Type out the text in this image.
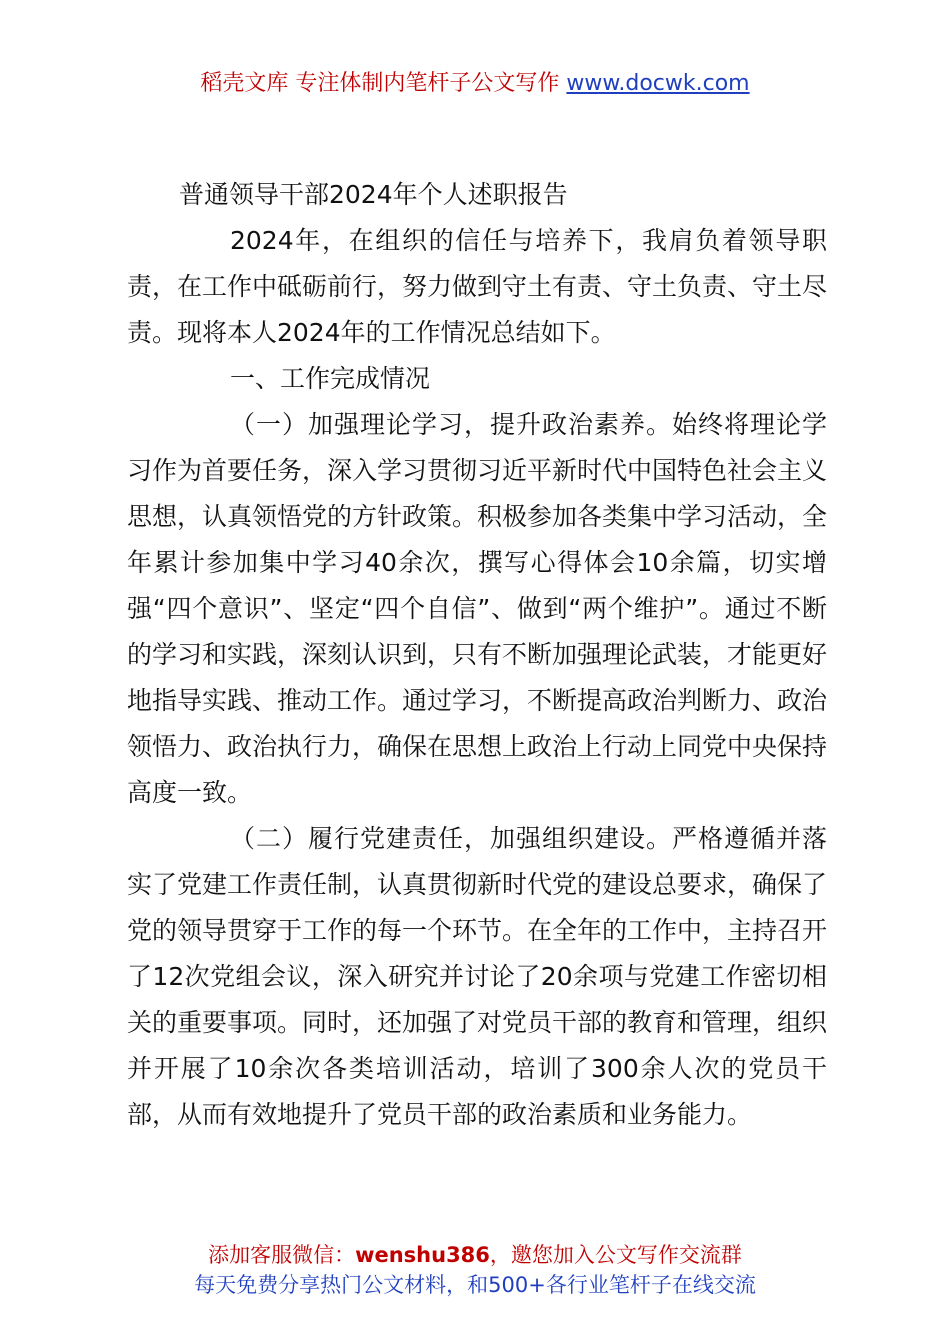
稻壳文库 专注体制内笔杆子公文写作 www.docwk.com

普通领导干部2024年个人述职报告

2024年，在组织的信任与培养下，我肩负着领导职责，在工作中砥砺前行，努力做到守土有责、守土负责、守土尽责。现将本人2024年的工作情况总结如下。

一、工作完成情况

（一）加强理论学习，提升政治素养。始终将理论学习作为首要任务，深入学习贯彻习近平新时代中国特色社会主义思想，认真领悟党的方针政策。积极参加各类集中学习活动，全年累计参加集中学习40余次，撰写心得体会10余篇，切实增强“四个意识”、坚定“四个自信”、做到“两个维护”。通过不断的学习和实践，深刻认识到，只有不断加强理论武装，才能更好地指导实践、推动工作。通过学习，不断提高政治判断力、政治领悟力、政治执行力，确保在思想上政治上行动上同党中央保持高度一致。

（二）履行党建责任，加强组织建设。严格遵循并落实了党建工作责任制，认真贯彻新时代党的建设总要求，确保了党的领导贯穿于工作的每一个环节。在全年的工作中，主持召开了12次党组会议，深入研究并讨论了20余项与党建工作密切相关的重要事项。同时，还加强了对党员干部的教育和管理，组织并开展了10余次各类培训活动，培训了300余人次的党员干部，从而有效地提升了党员干部的政治素质和业务能力。

添加客服微信：wenshu386，邀您加入公文写作交流群
每天免费分享热门公文材料，和500+各行业笔杆子在线交流
